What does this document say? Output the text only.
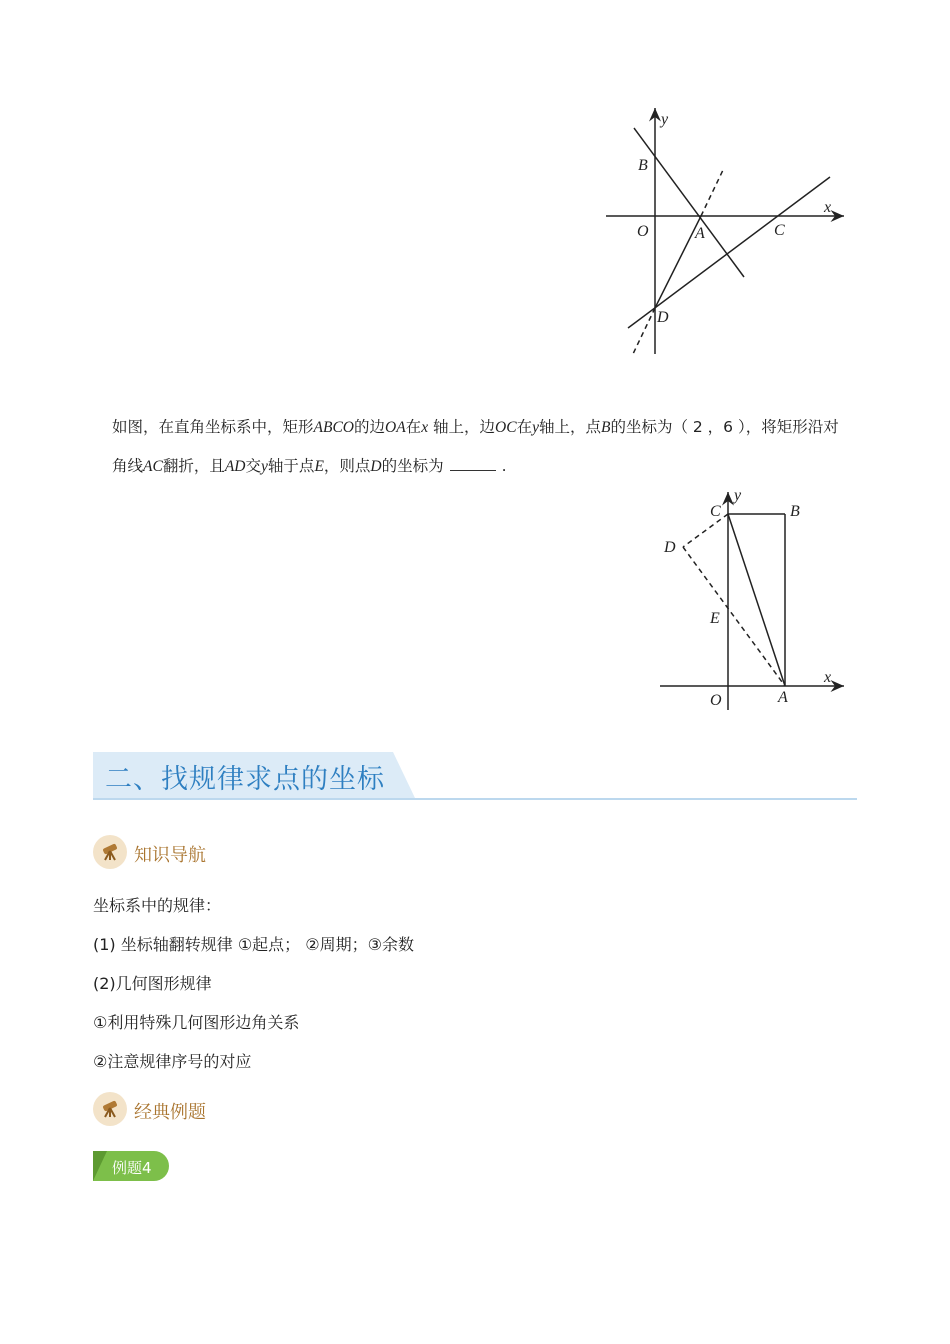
y
x
O
B
A	C
D
如图，在直角坐标系中，矩形ABCO的边OA在x 轴上，边OC在y轴上，点B的坐标为（ 2 ，6 ），将矩形沿对角线AC翻折，且AD交y轴于点E，则点D的坐标为	.
C
y
B
D
E
x
O	A
二、找规律求点的坐标
知识导航
坐标系中的规律：
(1) 坐标轴翻转规律 ①起点； ②周期；③余数
(2)几何图形规律
①利用特殊几何图形边角关系
②注意规律序号的对应
经典例题
例题4
